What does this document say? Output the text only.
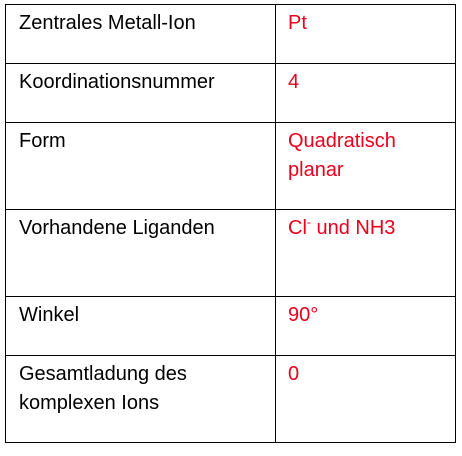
Zentrales Metall-Ion	Pt
Koordinationsnummer	4
Form	Quadratisch planar
Vorhandene Liganden	Cl- und NH3
Winkel	90°
Gesamtladung des komplexen Ions	0
